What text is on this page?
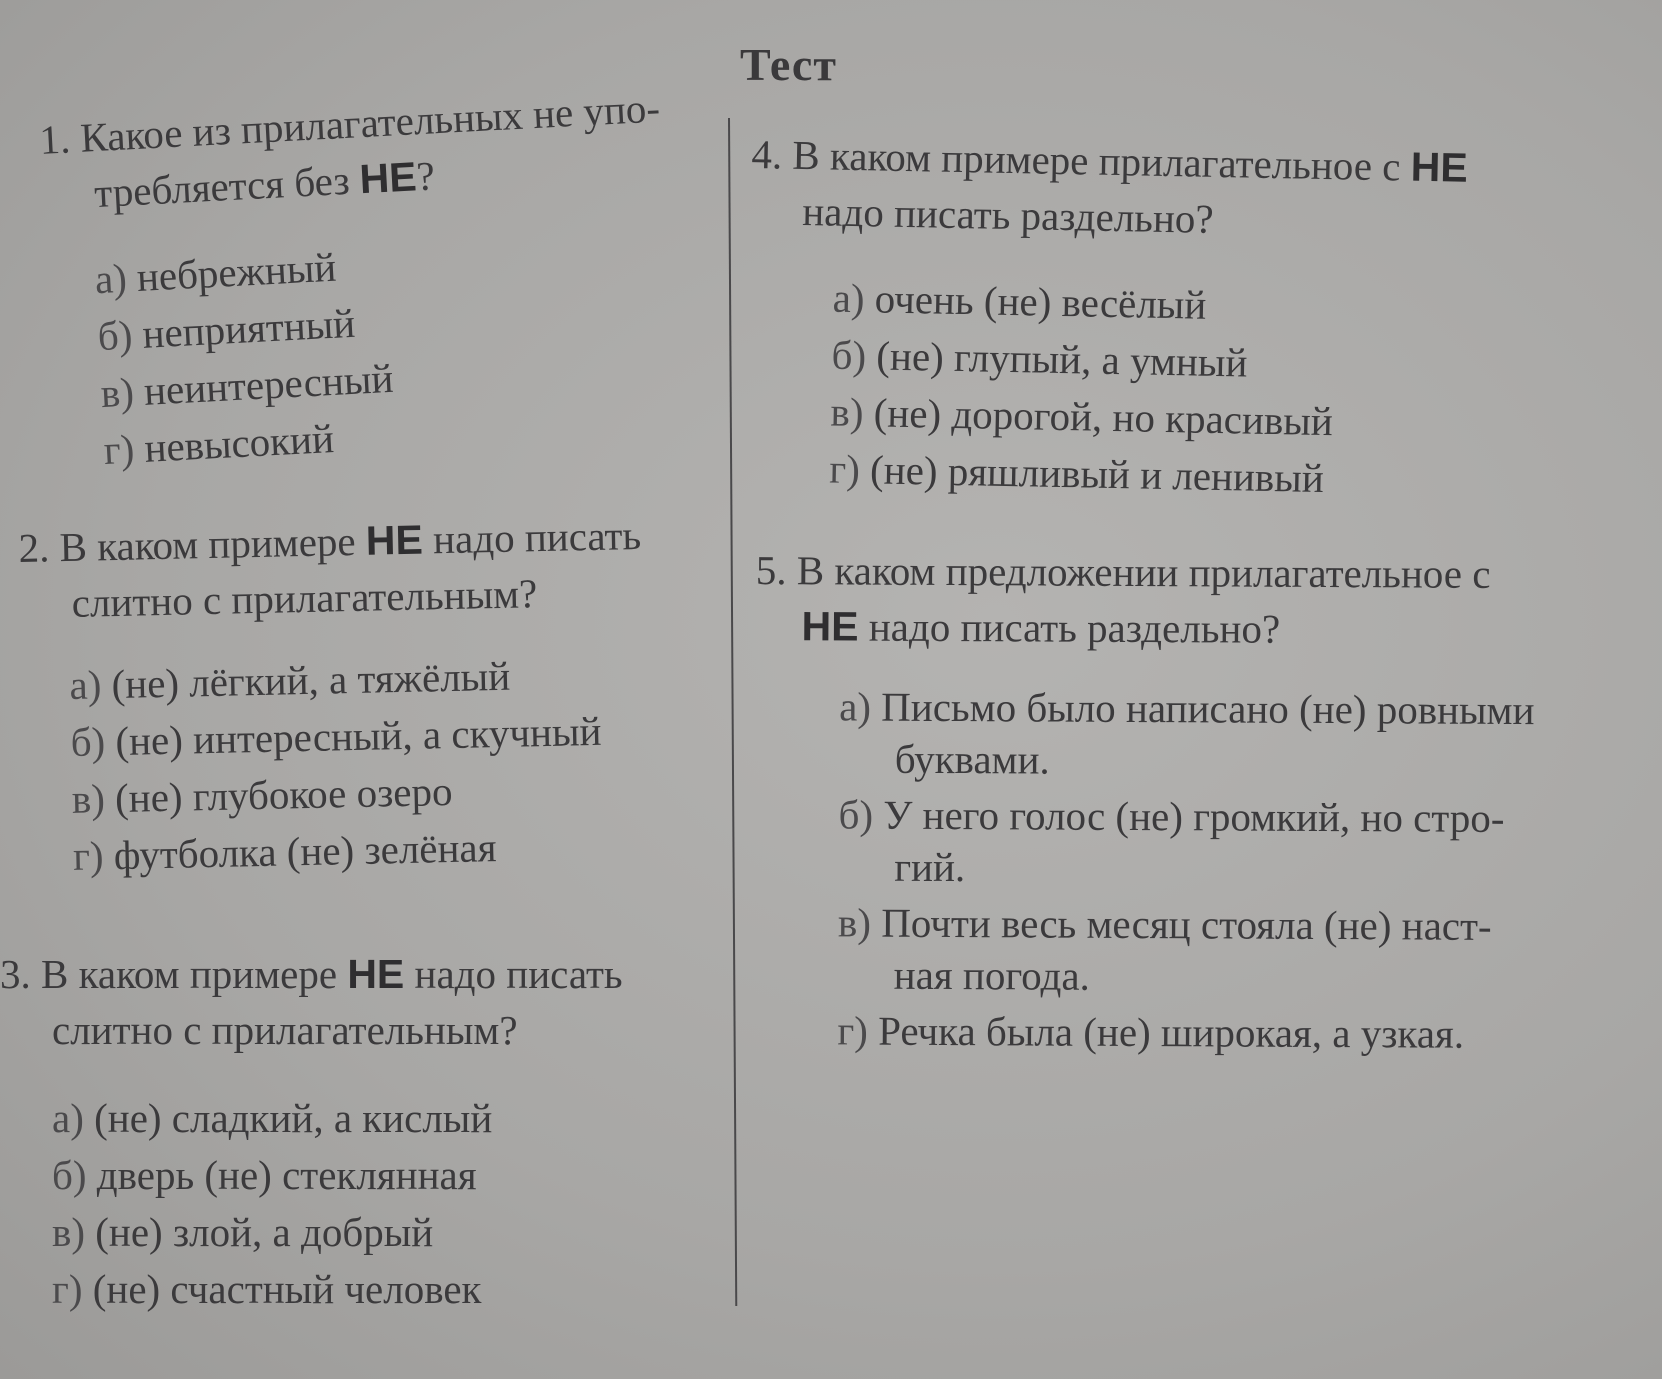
Тест
1. Какое из прилагательных не упо-
требляется без НЕ?
а) небрежный
б) неприятный
в) неинтересный
г) невысокий
2. В каком примере НЕ надо писать
слитно с прилагательным?
а) (не) лёгкий, а тяжёлый
б) (не) интересный, а скучный
в) (не) глубокое озеро
г) футболка (не) зелёная
3. В каком примере НЕ надо писать
слитно с прилагательным?
а) (не) сладкий, а кислый
б) дверь (не) стеклянная
в) (не) злой, а добрый
г) (не) счастный человек
4. В каком примере прилагательное с НЕ
надо писать раздельно?
а) очень (не) весёлый
б) (не) глупый, а умный
в) (не) дорогой, но красивый
г) (не) ряшливый и ленивый
5. В каком предложении прилагательное с
НЕ надо писать раздельно?
а) Письмо было написано (не) ровными
буквами.
б) У него голос (не) громкий, но стро-
гий.
в) Почти весь месяц стояла (не) наст-
ная погода.
г) Речка была (не) широкая, а узкая.
